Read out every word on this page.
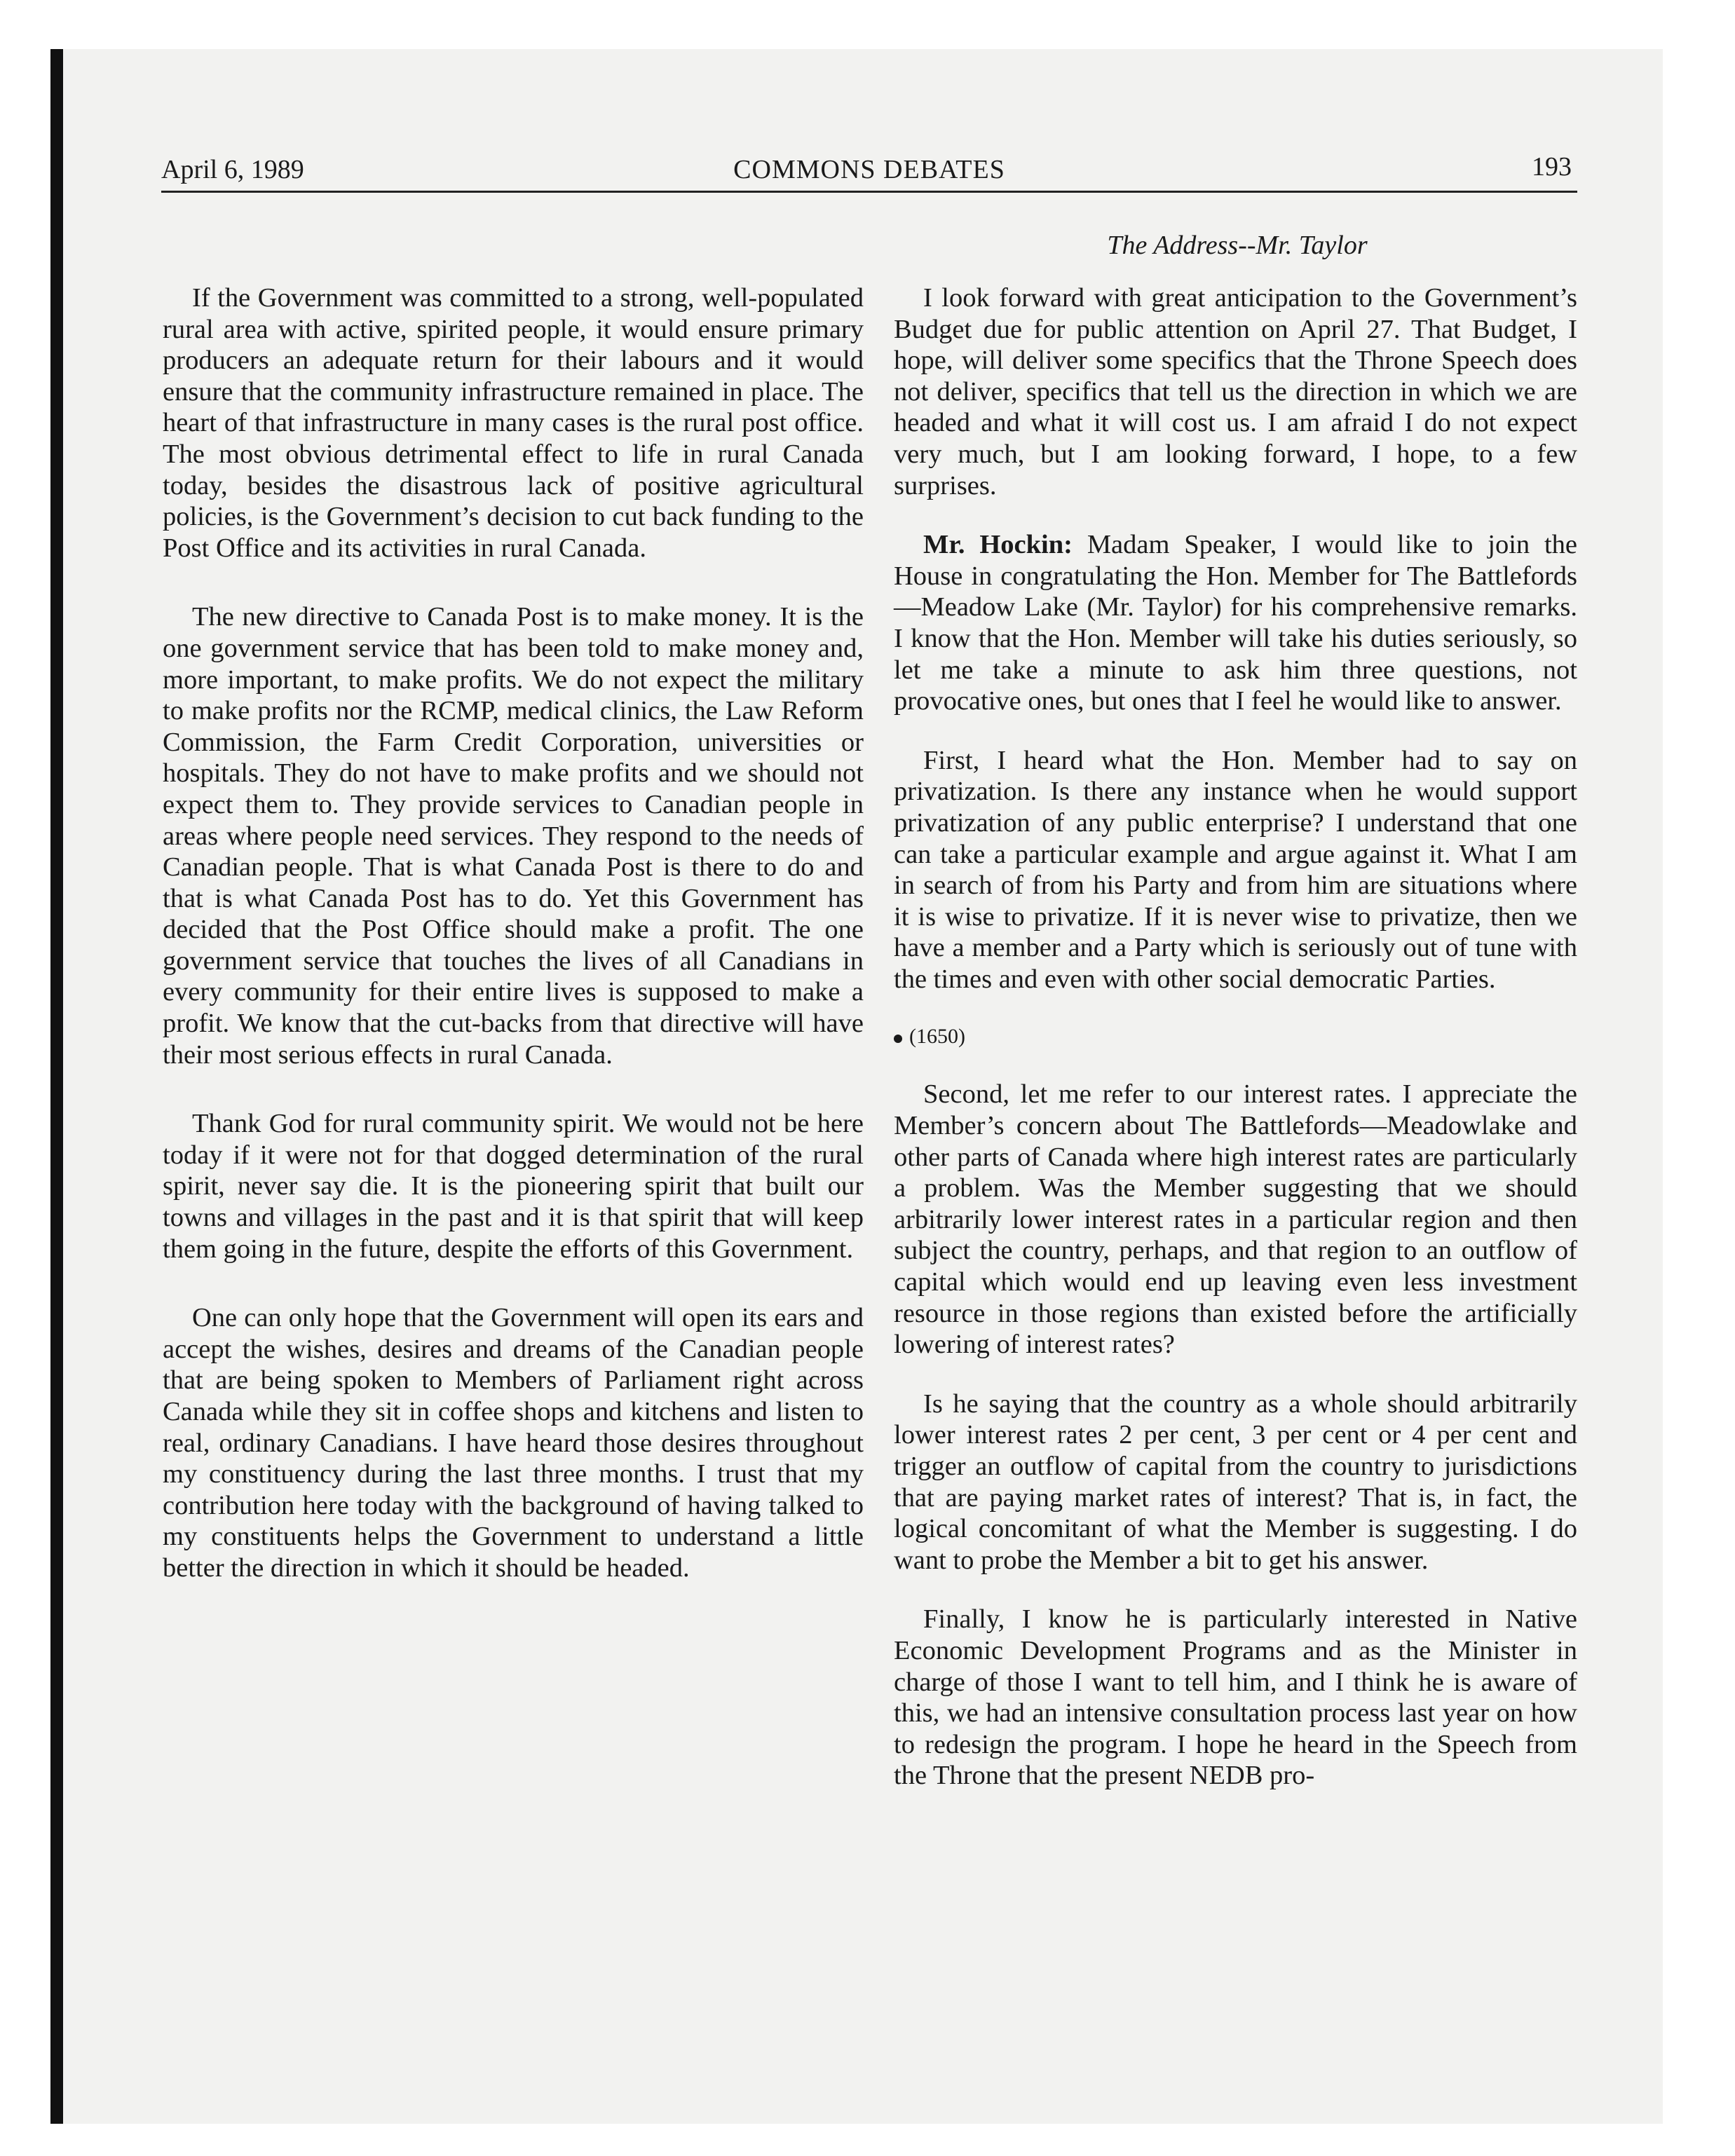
April 6, 1989	COMMONS DEBATES	193
The Address--Mr. Taylor

If the Government was committed to a strong, well-populated rural area with active, spirited people, it would ensure primary producers an adequate return for their labours and it would ensure that the community infrastructure remained in place. The heart of that infrastructure in many cases is the rural post office. The most obvious detrimental effect to life in rural Canada today, besides the disastrous lack of positive agricultural policies, is the Government’s decision to cut back funding to the Post Office and its activities in rural Canada.

The new directive to Canada Post is to make money. It is the one government service that has been told to make money and, more important, to make profits. We do not expect the military to make profits nor the RCMP, medical clinics, the Law Reform Commission, the Farm Credit Corporation, universities or hospitals. They do not have to make profits and we should not expect them to. They provide services to Canadian people in areas where people need services. They respond to the needs of Canadian people. That is what Canada Post is there to do and that is what Canada Post has to do. Yet this Government has decided that the Post Office should make a profit. The one government service that touches the lives of all Canadians in every community for their entire lives is supposed to make a profit. We know that the cut-backs from that directive will have their most serious effects in rural Canada.

Thank God for rural community spirit. We would not be here today if it were not for that dogged determination of the rural spirit, never say die. It is the pioneering spirit that built our towns and villages in the past and it is that spirit that will keep them going in the future, despite the efforts of this Government.

One can only hope that the Government will open its ears and accept the wishes, desires and dreams of the Canadian people that are being spoken to Members of Parliament right across Canada while they sit in coffee shops and kitchens and listen to real, ordinary Canadians. I have heard those desires throughout my constituency during the last three months. I trust that my contribution here today with the background of having talked to my constituents helps the Government to understand a little better the direction in which it should be headed.

I look forward with great anticipation to the Government’s Budget due for public attention on April 27. That Budget, I hope, will deliver some specifics that the Throne Speech does not deliver, specifics that tell us the direction in which we are headed and what it will cost us. I am afraid I do not expect very much, but I am looking forward, I hope, to a few surprises.

Mr. Hockin: Madam Speaker, I would like to join the House in congratulating the Hon. Member for The Battlefords—Meadow Lake (Mr. Taylor) for his comprehensive remarks. I know that the Hon. Member will take his duties seriously, so let me take a minute to ask him three questions, not provocative ones, but ones that I feel he would like to answer.

First, I heard what the Hon. Member had to say on privatization. Is there any instance when he would support privatization of any public enterprise? I understand that one can take a particular example and argue against it. What I am in search of from his Party and from him are situations where it is wise to privatize. If it is never wise to privatize, then we have a member and a Party which is seriously out of tune with the times and even with other social democratic Parties.

(1650)

Second, let me refer to our interest rates. I appreciate the Member’s concern about The Battlefords—Meadowlake and other parts of Canada where high interest rates are particularly a problem. Was the Member suggesting that we should arbitrarily lower interest rates in a particular region and then subject the country, perhaps, and that region to an outflow of capital which would end up leaving even less investment resource in those regions than existed before the artificially lowering of interest rates?

Is he saying that the country as a whole should arbitrarily lower interest rates 2 per cent, 3 per cent or 4 per cent and trigger an outflow of capital from the country to jurisdictions that are paying market rates of interest? That is, in fact, the logical concomitant of what the Member is suggesting. I do want to probe the Member a bit to get his answer.

Finally, I know he is particularly interested in Native Economic Development Programs and as the Minister in charge of those I want to tell him, and I think he is aware of this, we had an intensive consultation process last year on how to redesign the program. I hope he heard in the Speech from the Throne that the present NEDB pro-
